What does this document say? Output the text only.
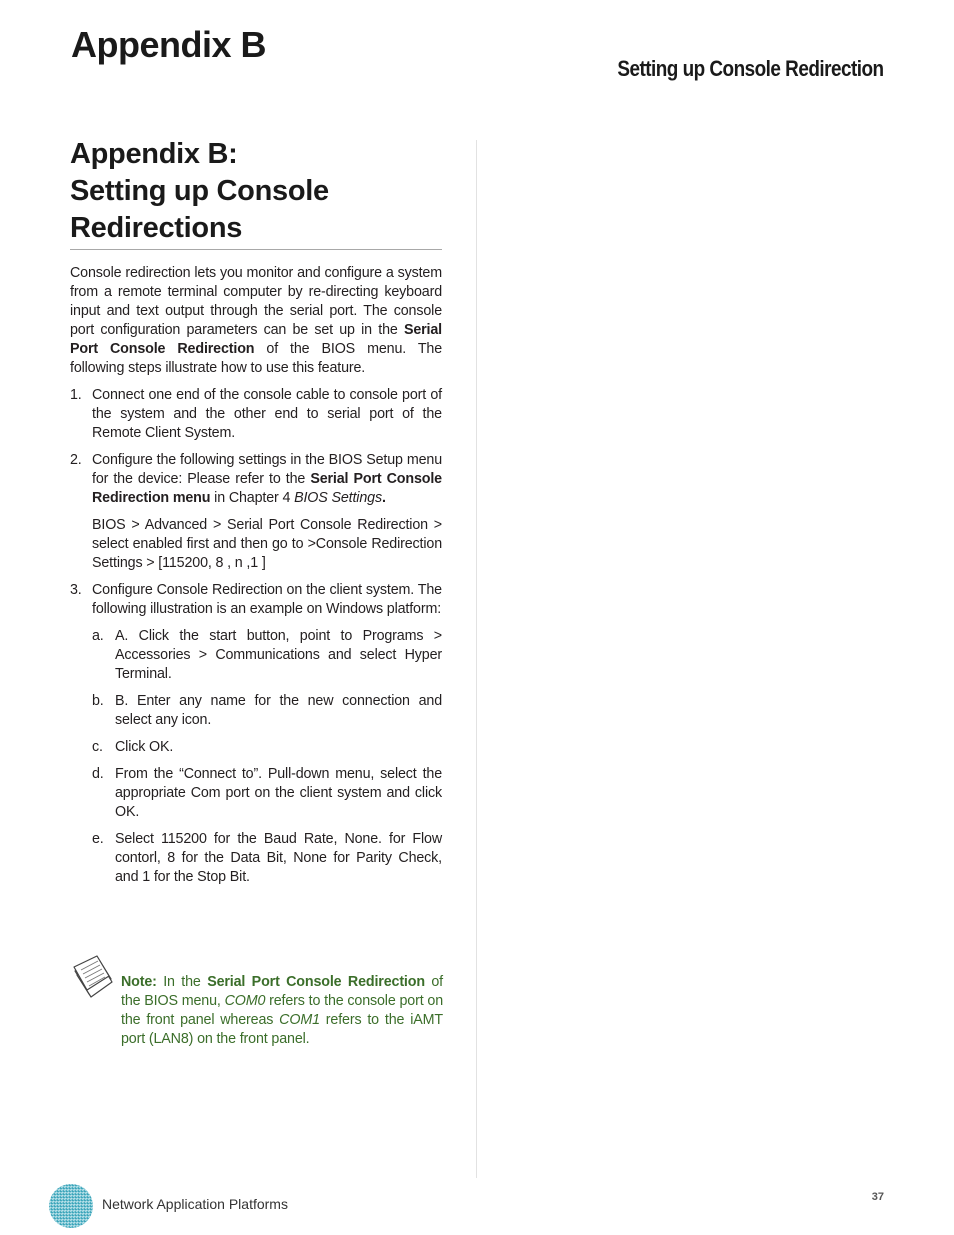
Appendix B
Setting up Console Redirection
Appendix B:
Setting up Console
Redirections

Console redirection lets you monitor and configure a system from a remote terminal computer by re-directing keyboard input and text output through the serial port. The console port configuration parameters can be set up in the Serial Port Console Redirection of the BIOS menu. The following steps illustrate how to use this feature.

1. Connect one end of the console cable to console port of the system and the other end to serial port of the Remote Client System.
2. Configure the following settings in the BIOS Setup menu for the device: Please refer to the Serial Port Console Redirection menu in Chapter 4 BIOS Settings.

BIOS > Advanced > Serial Port Console Redirection > select enabled first and then go to >Console Redirection Settings > [115200, 8 , n ,1 ]

3. Configure Console Redirection on the client system. The following illustration is an example on Windows platform:
a. A. Click the start button, point to Programs > Accessories > Communications and select Hyper Terminal.
b. B. Enter any name for the new connection and select any icon.
c. Click OK.
d. From the “Connect to”. Pull-down menu, select the appropriate Com port on the client system and click OK.
e. Select 115200 for the Baud Rate, None. for Flow contorl, 8 for the Data Bit, None for Parity Check, and 1 for the Stop Bit.

Note: In the Serial Port Console Redirection of the BIOS menu, COM0 refers to the console port on the front panel whereas COM1 refers to the iAMT port (LAN8) on the front panel.

Network Application Platforms	37
